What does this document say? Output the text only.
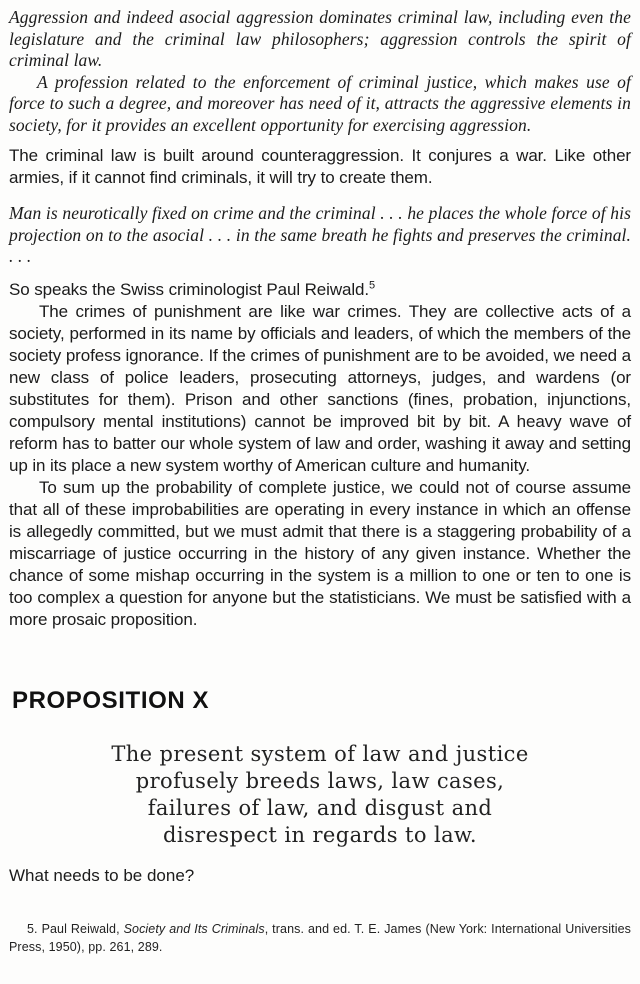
Aggression and indeed asocial aggression dominates criminal law, including even the legislature and the criminal law philosophers; aggression controls the spirit of criminal law.

A profession related to the enforcement of criminal justice, which makes use of force to such a degree, and moreover has need of it, attracts the aggressive elements in society, for it provides an excellent opportunity for exercising aggression.

The criminal law is built around counteraggression. It conjures a war. Like other armies, if it cannot find criminals, it will try to create them.

Man is neurotically fixed on crime and the criminal . . . he places the whole force of his projection on to the asocial . . . in the same breath he fights and preserves the criminal. . . .

So speaks the Swiss criminologist Paul Reiwald.$^5$

The crimes of punishment are like war crimes. They are collective acts of a society, performed in its name by officials and leaders, of which the members of the society profess ignorance. If the crimes of punishment are to be avoided, we need a new class of police leaders, prosecuting attorneys, judges, and wardens (or substitutes for them). Prison and other sanctions (fines, probation, injunctions, compulsory mental institutions) cannot be improved bit by bit. A heavy wave of reform has to batter our whole system of law and order, washing it away and setting up in its place a new system worthy of American culture and humanity.

To sum up the probability of complete justice, we could not of course assume that all of these improbabilities are operating in every instance in which an offense is allegedly committed, but we must admit that there is a staggering probability of a miscarriage of justice occurring in the history of any given instance. Whether the chance of some mishap occurring in the system is a million to one or ten to one is too complex a question for anyone but the statisticians. We must be satisfied with a more prosaic proposition.

PROPOSITION X
The present system of law and justice
profusely breeds laws, law cases,
failures of law, and disgust and
disrespect in regards to law.

What needs to be done?

5. Paul Reiwald, Society and Its Criminals, trans. and ed. T. E. James (New York: International Universities Press, 1950), pp. 261, 289.
